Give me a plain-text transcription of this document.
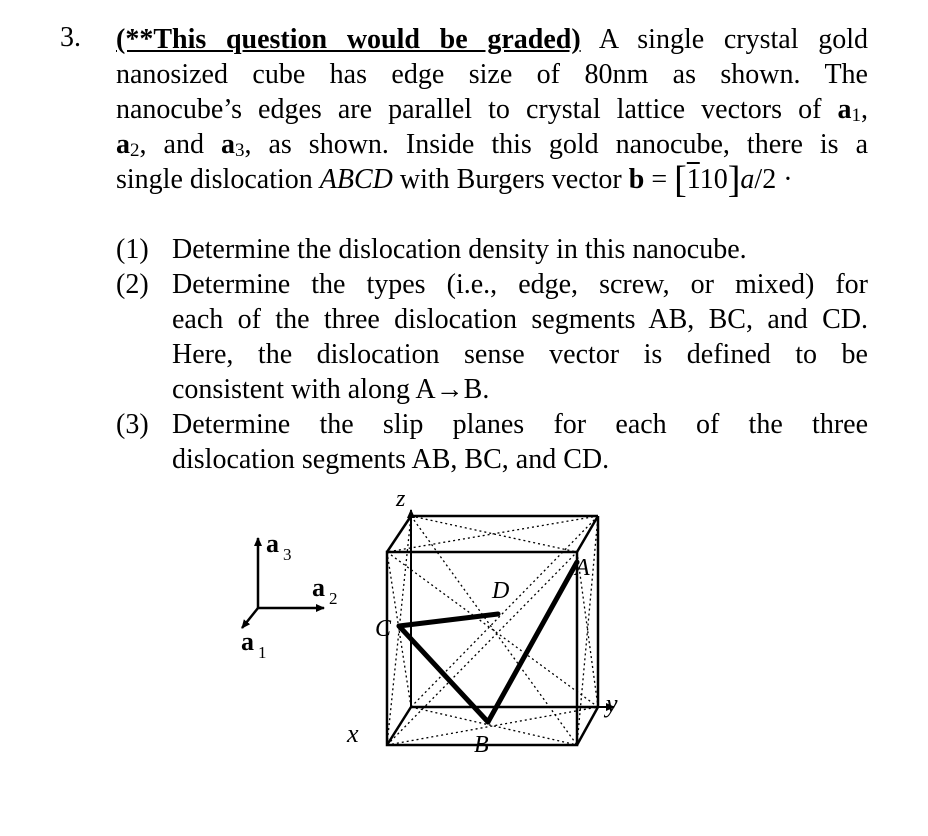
3. (**This question would be graded) A single crystal gold
nanosized cube has edge size of 80nm as shown. The
nanocube’s edges are parallel to crystal lattice vectors of a1,
a2, and a3, as shown. Inside this gold nanocube, there is a
single dislocation ABCD with Burgers vector b = [110]a/2 ·
(1) Determine the dislocation density in this nanocube.
(2) Determine the types (i.e., edge, screw, or mixed) for
each of the three dislocation segments AB, BC, and CD.
Here, the dislocation sense vector is defined to be
consistent with along A→B.
(3) Determine the slip planes for each of the three
dislocation segments AB, BC, and CD.
a 3
a 2
a 1
z
y
x
A
B
C
D
